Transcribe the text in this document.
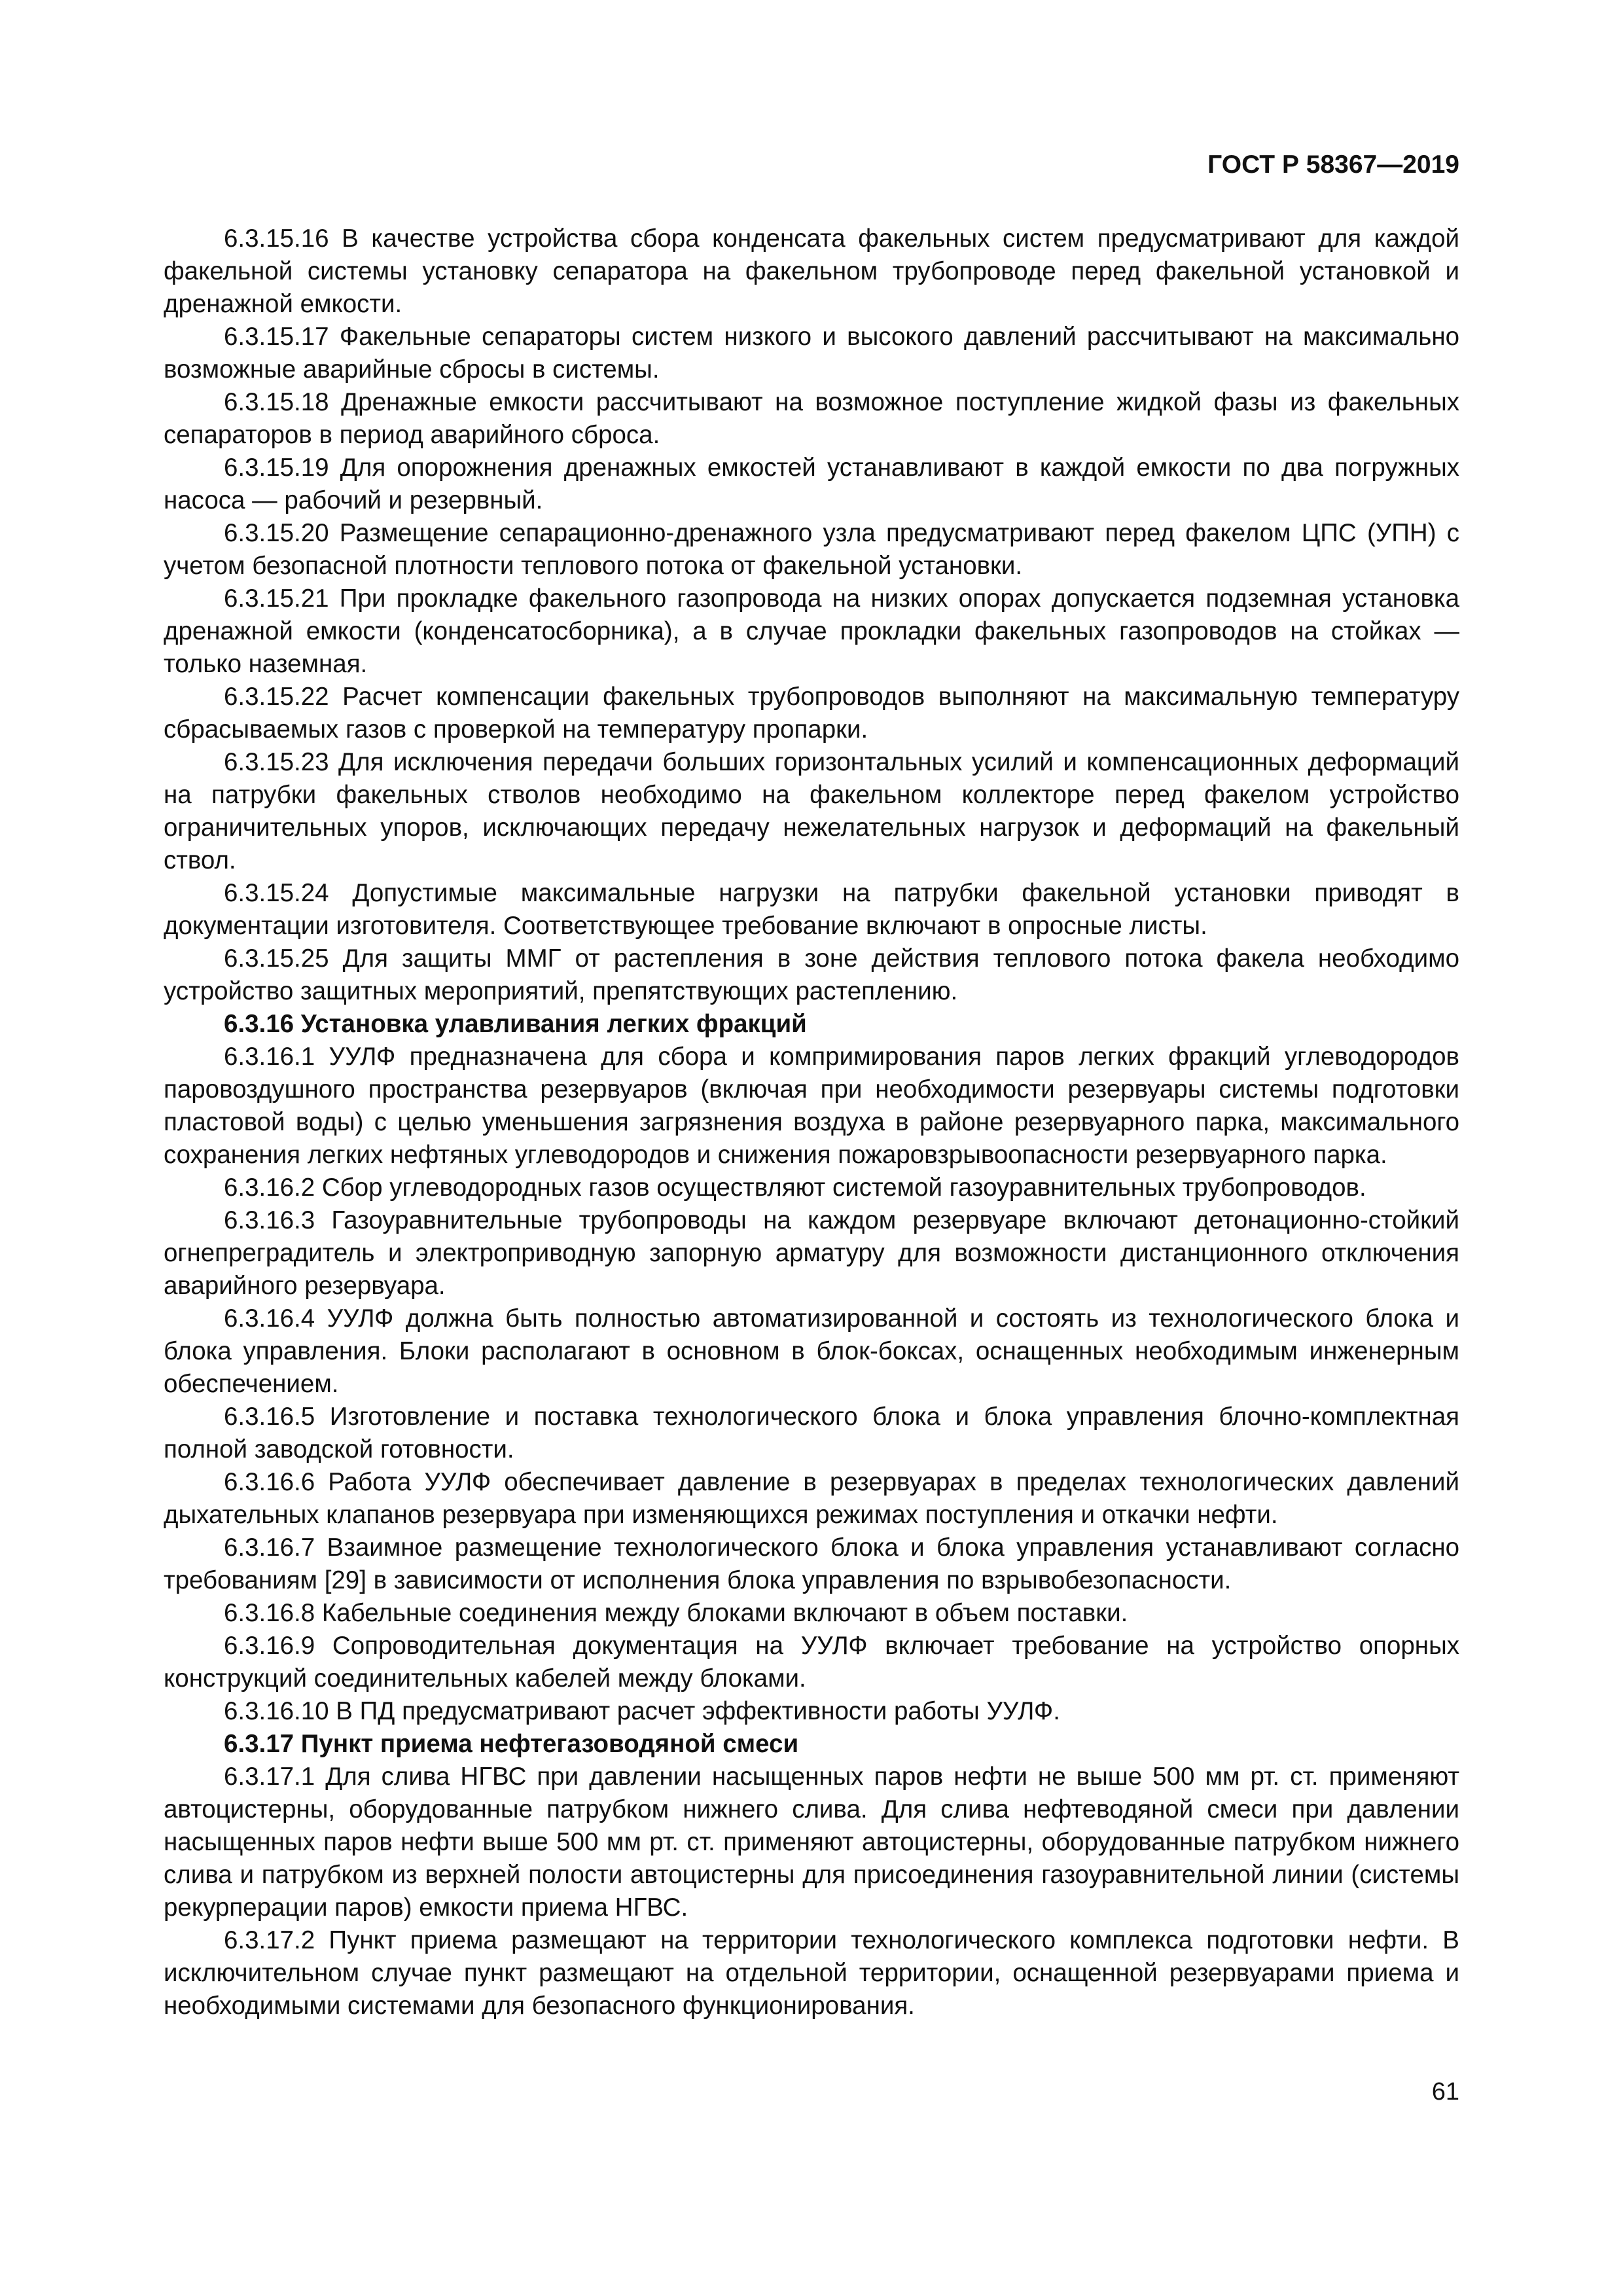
ГОСТ Р 58367—2019

6.3.15.16 В качестве устройства сбора конденсата факельных систем предусматривают для каждой факельной системы установку сепаратора на факельном трубопроводе перед факельной установкой и дренажной емкости.

6.3.15.17 Факельные сепараторы систем низкого и высокого давлений рассчитывают на максимально возможные аварийные сбросы в системы.

6.3.15.18 Дренажные емкости рассчитывают на возможное поступление жидкой фазы из факельных сепараторов в период аварийного сброса.

6.3.15.19 Для опорожнения дренажных емкостей устанавливают в каждой емкости по два погружных насоса — рабочий и резервный.

6.3.15.20 Размещение сепарационно-дренажного узла предусматривают перед факелом ЦПС (УПН) с учетом безопасной плотности теплового потока от факельной установки.

6.3.15.21 При прокладке факельного газопровода на низких опорах допускается подземная установка дренажной емкости (конденсатосборника), а в случае прокладки факельных газопроводов на стойках — только наземная.

6.3.15.22 Расчет компенсации факельных трубопроводов выполняют на максимальную температуру сбрасываемых газов с проверкой на температуру пропарки.

6.3.15.23 Для исключения передачи больших горизонтальных усилий и компенсационных деформаций на патрубки факельных стволов необходимо на факельном коллекторе перед факелом устройство ограничительных упоров, исключающих передачу нежелательных нагрузок и деформаций на факельный ствол.

6.3.15.24 Допустимые максимальные нагрузки на патрубки факельной установки приводят в документации изготовителя. Соответствующее требование включают в опросные листы.

6.3.15.25 Для защиты ММГ от растепления в зоне действия теплового потока факела необходимо устройство защитных мероприятий, препятствующих растеплению.

6.3.16 Установка улавливания легких фракций

6.3.16.1 УУЛФ предназначена для сбора и компримирования паров легких фракций углеводородов паровоздушного пространства резервуаров (включая при необходимости резервуары системы подготовки пластовой воды) с целью уменьшения загрязнения воздуха в районе резервуарного парка, максимального сохранения легких нефтяных углеводородов и снижения пожаровзрывоопасности резервуарного парка.

6.3.16.2 Сбор углеводородных газов осуществляют системой газоуравнительных трубопроводов.

6.3.16.3 Газоуравнительные трубопроводы на каждом резервуаре включают детонационно-стойкий огнепреградитель и электроприводную запорную арматуру для возможности дистанционного отключения аварийного резервуара.

6.3.16.4 УУЛФ должна быть полностью автоматизированной и состоять из технологического блока и блока управления. Блоки располагают в основном в блок-боксах, оснащенных необходимым инженерным обеспечением.

6.3.16.5 Изготовление и поставка технологического блока и блока управления блочно-комплектная полной заводской готовности.

6.3.16.6 Работа УУЛФ обеспечивает давление в резервуарах в пределах технологических давлений дыхательных клапанов резервуара при изменяющихся режимах поступления и откачки нефти.

6.3.16.7 Взаимное размещение технологического блока и блока управления устанавливают согласно требованиям [29] в зависимости от исполнения блока управления по взрывобезопасности.

6.3.16.8 Кабельные соединения между блоками включают в объем поставки.

6.3.16.9 Сопроводительная документация на УУЛФ включает требование на устройство опорных конструкций соединительных кабелей между блоками.

6.3.16.10 В ПД предусматривают расчет эффективности работы УУЛФ.

6.3.17 Пункт приема нефтегазоводяной смеси

6.3.17.1 Для слива НГВС при давлении насыщенных паров нефти не выше 500 мм рт. ст. применяют автоцистерны, оборудованные патрубком нижнего слива. Для слива нефтеводяной смеси при давлении насыщенных паров нефти выше 500 мм рт. ст. применяют автоцистерны, оборудованные патрубком нижнего слива и патрубком из верхней полости автоцистерны для присоединения газоуравнительной линии (системы рекурперации паров) емкости приема НГВС.

6.3.17.2 Пункт приема размещают на территории технологического комплекса подготовки нефти. В исключительном случае пункт размещают на отдельной территории, оснащенной резервуарами приема и необходимыми системами для безопасного функционирования.

61
